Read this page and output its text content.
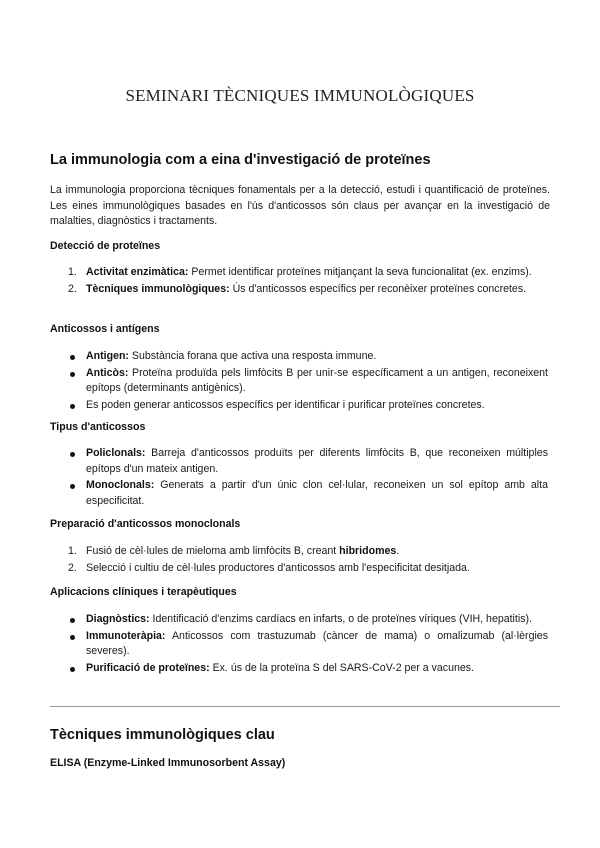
SEMINARI TÈCNIQUES IMMUNOLÒGIQUES
La immunologia com a eina d'investigació de proteïnes
La immunologia proporciona tècniques fonamentals per a la detecció, estudi i quantificació de proteïnes. Les eines immunològiques basades en l'ús d'anticossos són claus per avançar en la investigació de malalties, diagnòstics i tractaments.
Detecció de proteïnes
1. Activitat enzimàtica: Permet identificar proteïnes mitjançant la seva funcionalitat (ex. enzims).
2. Tècniques immunològiques: Ús d'anticossos específics per reconèixer proteïnes concretes.
Anticossos i antígens
Antigen: Substància forana que activa una resposta immune.
Anticòs: Proteïna produïda pels limfòcits B per unir-se específicament a un antigen, reconeixent epítops (determinants antigènics).
Es poden generar anticossos específics per identificar i purificar proteïnes concretes.
Tipus d'anticossos
Policlonals: Barreja d'anticossos produïts per diferents limfòcits B, que reconeixen múltiples epítops d'un mateix antigen.
Monoclonals: Generats a partir d'un únic clon cel·lular, reconeixen un sol epítop amb alta especificitat.
Preparació d'anticossos monoclonals
1. Fusió de cèl·lules de mieloma amb limfòcits B, creant hibridomes.
2. Selecció i cultiu de cèl·lules productores d'anticossos amb l'especificitat desitjada.
Aplicacions clíniques i terapèutiques
Diagnòstics: Identificació d'enzims cardíacs en infarts, o de proteïnes víriques (VIH, hepatitis).
Immunoteràpia: Anticossos com trastuzumab (càncer de mama) o omalizumab (al·lèrgies severes).
Purificació de proteïnes: Ex. ús de la proteïna S del SARS-CoV-2 per a vacunes.
Tècniques immunològiques clau
ELISA (Enzyme-Linked Immunosorbent Assay)
